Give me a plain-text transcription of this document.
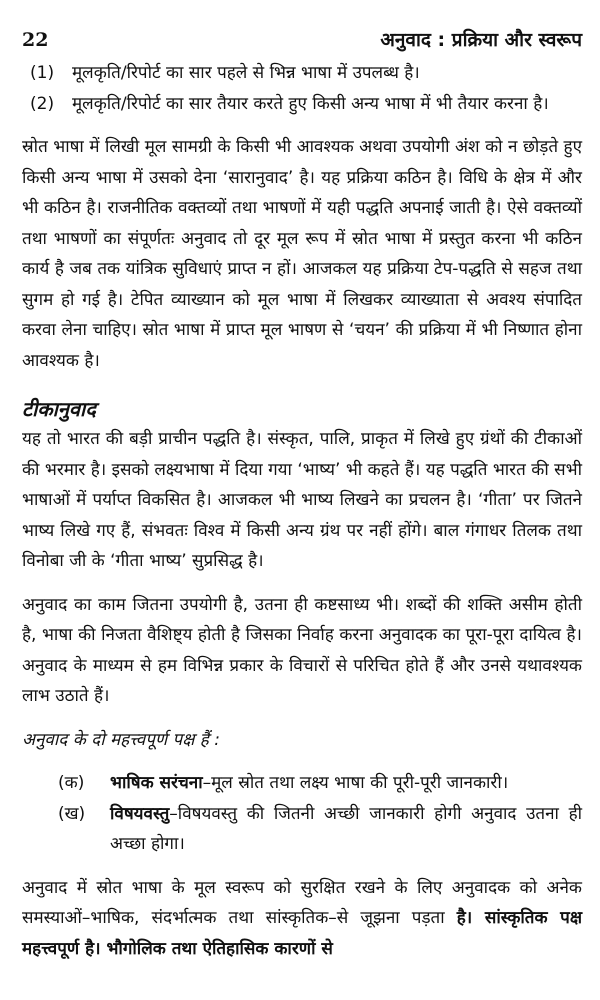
22	अनुवाद : प्रक्रिया और स्वरूप
(1)	मूलकृति/रिपोर्ट का सार पहले से भिन्न भाषा में उपलब्ध है।
(2)	मूलकृति/रिपोर्ट का सार तैयार करते हुए किसी अन्य भाषा में भी तैयार करना है।

स्रोत भाषा में लिखी मूल सामग्री के किसी भी आवश्यक अथवा उपयोगी अंश को न छोड़ते हुए किसी अन्य भाषा में उसको देना ‘सारानुवाद’ है। यह प्रक्रिया कठिन है। विधि के क्षेत्र में और भी कठिन है। राजनीतिक वक्तव्यों तथा भाषणों में यही पद्धति अपनाई जाती है। ऐसे वक्तव्यों तथा भाषणों का संपूर्णतः अनुवाद तो दूर मूल रूप में स्रोत भाषा में प्रस्तुत करना भी कठिन कार्य है जब तक यांत्रिक सुविधाएं प्राप्त न हों। आजकल यह प्रक्रिया टेप-पद्धति से सहज तथा सुगम हो गई है। टेपित व्याख्यान को मूल भाषा में लिखकर व्याख्याता से अवश्य संपादित करवा लेना चाहिए। स्रोत भाषा में प्राप्त मूल भाषण से ‘चयन’ की प्रक्रिया में भी निष्णात होना आवश्यक है।

टीकानुवाद

यह तो भारत की बड़ी प्राचीन पद्धति है। संस्कृत, पालि, प्राकृत में लिखे हुए ग्रंथों की टीकाओं की भरमार है। इसको लक्ष्यभाषा में दिया गया ‘भाष्य’ भी कहते हैं। यह पद्धति भारत की सभी भाषाओं में पर्याप्त विकसित है। आजकल भी भाष्य लिखने का प्रचलन है। ‘गीता’ पर जितने भाष्य लिखे गए हैं, संभवतः विश्व में किसी अन्य ग्रंथ पर नहीं होंगे। बाल गंगाधर तिलक तथा विनोबा जी के ‘गीता भाष्य’ सुप्रसिद्ध है।

अनुवाद का काम जितना उपयोगी है, उतना ही कष्टसाध्य भी। शब्दों की शक्ति असीम होती है, भाषा की निजता वैशिष्ट्य होती है जिसका निर्वाह करना अनुवादक का पूरा-पूरा दायित्व है। अनुवाद के माध्यम से हम विभिन्न प्रकार के विचारों से परिचित होते हैं और उनसे यथावश्यक लाभ उठाते हैं।

अनुवाद के दो महत्त्वपूर्ण पक्ष हैं :

(क)	भाषिक सरंचना–मूल स्रोत तथा लक्ष्य भाषा की पूरी-पूरी जानकारी।
(ख)	विषयवस्तु–विषयवस्तु की जितनी अच्छी जानकारी होगी अनुवाद उतना ही अच्छा होगा।

अनुवाद में स्रोत भाषा के मूल स्वरूप को सुरक्षित रखने के लिए अनुवादक को अनेक समस्याओं–भाषिक, संदर्भात्मक तथा सांस्कृतिक–से जूझना पड़ता है। सांस्कृतिक पक्ष महत्त्वपूर्ण है। भौगोलिक तथा ऐतिहासिक कारणों से
